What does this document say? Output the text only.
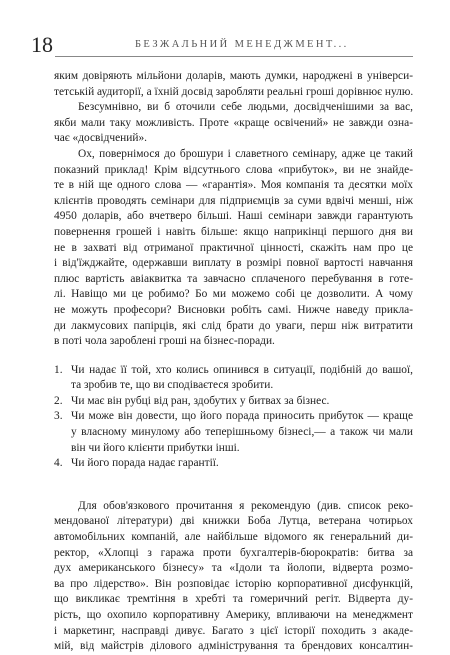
18	БЕЗЖАЛЬНИЙ МЕНЕДЖМЕНТ...
яким довіряють мільйони доларів, мають думки, народжені в універси-
тетській аудиторії, а їхній досвід заробляти реальні гроші дорівнює нулю.
Безсумнівно, ви б оточили себе людьми, досвідченішими за вас,
якби мали таку можливість. Проте «краще освічений» не завжди озна-
чає «досвідчений».
Ох, повернімося до брошури і славетного семінару, адже це такий
показний приклад! Крім відсутнього слова «прибуток», ви не знайде-
те в ній ще одного слова — «гарантія». Моя компанія та десятки моїх
клієнтів проводять семінари для підприємців за суми вдвічі менші, ніж
4950 доларів, або вчетверо більші. Наші семінари завжди гарантують
повернення грошей і навіть більше: якщо наприкінці першого дня ви
не в захваті від отриманої практичної цінності, скажіть нам про це
і від'їжджайте, одержавши виплату в розмірі повної вартості навчання
плюс вартість авіаквитка та завчасно сплаченого перебування в готе-
лі. Навіщо ми це робимо? Бо ми можемо собі це дозволити. А чому
не можуть професори? Висновки робіть самі. Нижче наведу прикла-
ди лакмусових папірців, які слід брати до уваги, перш ніж витратити
в поті чола зароблені гроші на бізнес-поради.
1. Чи надає її той, хто колись опинився в ситуації, подібній до вашої,
та зробив те, що ви сподіваєтеся зробити.
2. Чи має він рубці від ран, здобутих у битвах за бізнес.
3. Чи може він довести, що його порада приносить прибуток — краще
у власному минулому або теперішньому бізнесі,— а також чи мали
він чи його клієнти прибутки інші.
4. Чи його порада надає гарантії.
Для обов'язкового прочитання я рекомендую (див. список реко-
мендованої літератури) дві книжки Боба Лутца, ветерана чотирьох
автомобільних компаній, але найбільше відомого як генеральний ди-
ректор, «Хлопці з гаража проти бухгалтерів-бюрократів: битва за
дух американського бізнесу» та «Ідоли та йолопи, відверта розмо-
ва про лідерство». Він розповідає історію корпоративної дисфункцій,
що викликає тремтіння в хребті та гомеричний регіт. Відверта ду-
рість, що охопило корпоративну Америку, впливаючи на менеджмент
і маркетинг, насправді дивує. Багато з цієї історії походить з акаде-
мій, від майстрів ділового адміністрування та брендових консалтин-
